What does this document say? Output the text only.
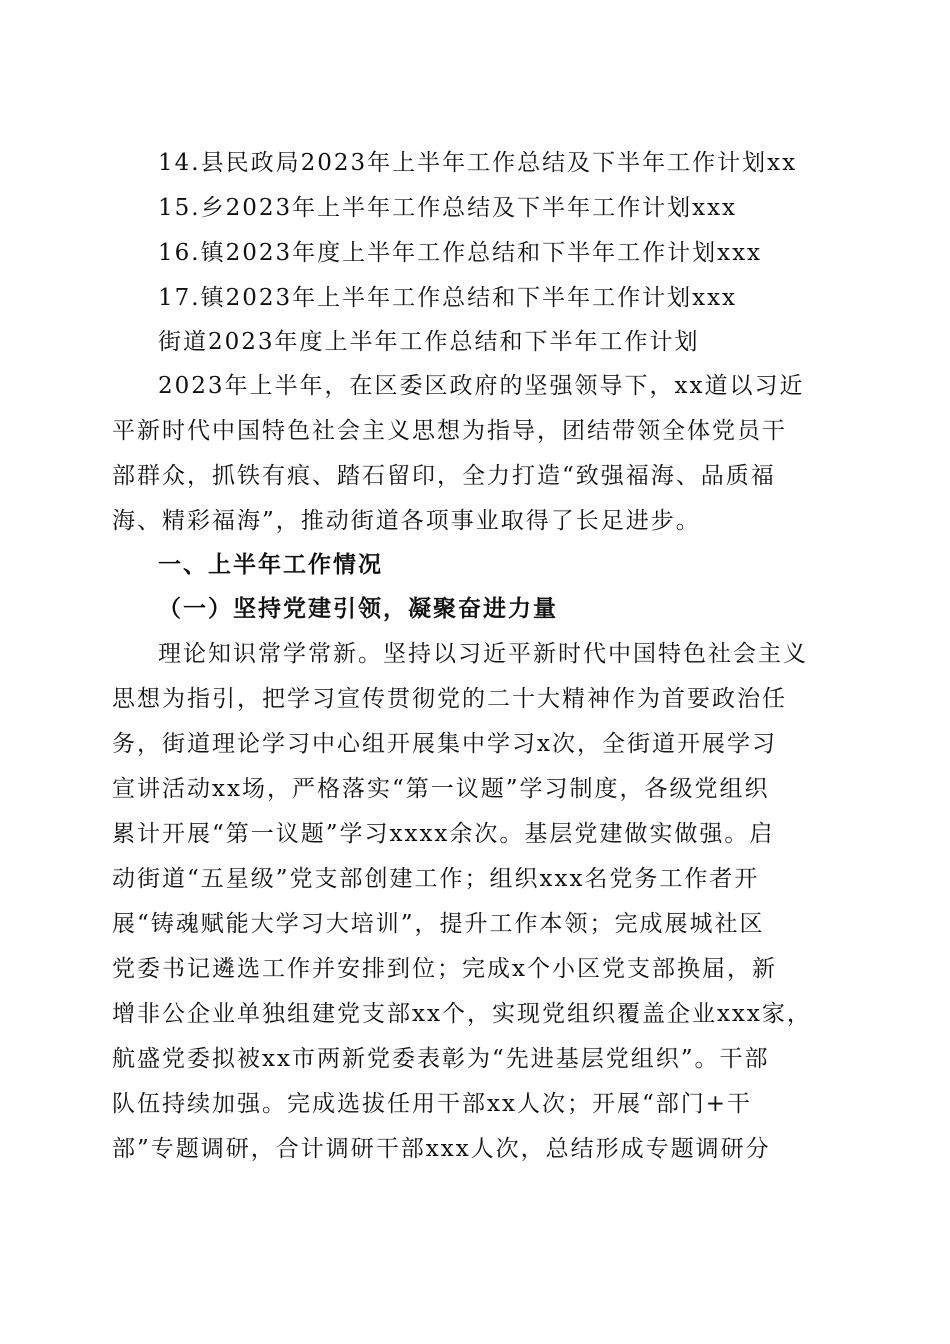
14.县民政局2023年上半年工作总结及下半年工作计划xx
15.乡2023年上半年工作总结及下半年工作计划xxx
16.镇2023年度上半年工作总结和下半年工作计划xxx
17.镇2023年上半年工作总结和下半年工作计划xxx
街道2023年度上半年工作总结和下半年工作计划
2023年上半年，在区委区政府的坚强领导下，xx道以习近
平新时代中国特色社会主义思想为指导，团结带领全体党员干
部群众，抓铁有痕、踏石留印，全力打造“致强福海、品质福
海、精彩福海”，推动街道各项事业取得了长足进步。
一、上半年工作情况
（一）坚持党建引领，凝聚奋进力量
理论知识常学常新。坚持以习近平新时代中国特色社会主义
思想为指引，把学习宣传贯彻党的二十大精神作为首要政治任
务，街道理论学习中心组开展集中学习x次，全街道开展学习
宣讲活动xx场，严格落实“第一议题”学习制度，各级党组织
累计开展“第一议题”学习xxxx余次。基层党建做实做强。启
动街道“五星级”党支部创建工作；组织xxx名党务工作者开
展“铸魂赋能大学习大培训”，提升工作本领；完成展城社区
党委书记遴选工作并安排到位；完成x个小区党支部换届，新
增非公企业单独组建党支部xx个，实现党组织覆盖企业xxx家，
航盛党委拟被xx市两新党委表彰为“先进基层党组织”。干部
队伍持续加强。完成选拔任用干部xx人次；开展“部门+干
部”专题调研，合计调研干部xxx人次，总结形成专题调研分
